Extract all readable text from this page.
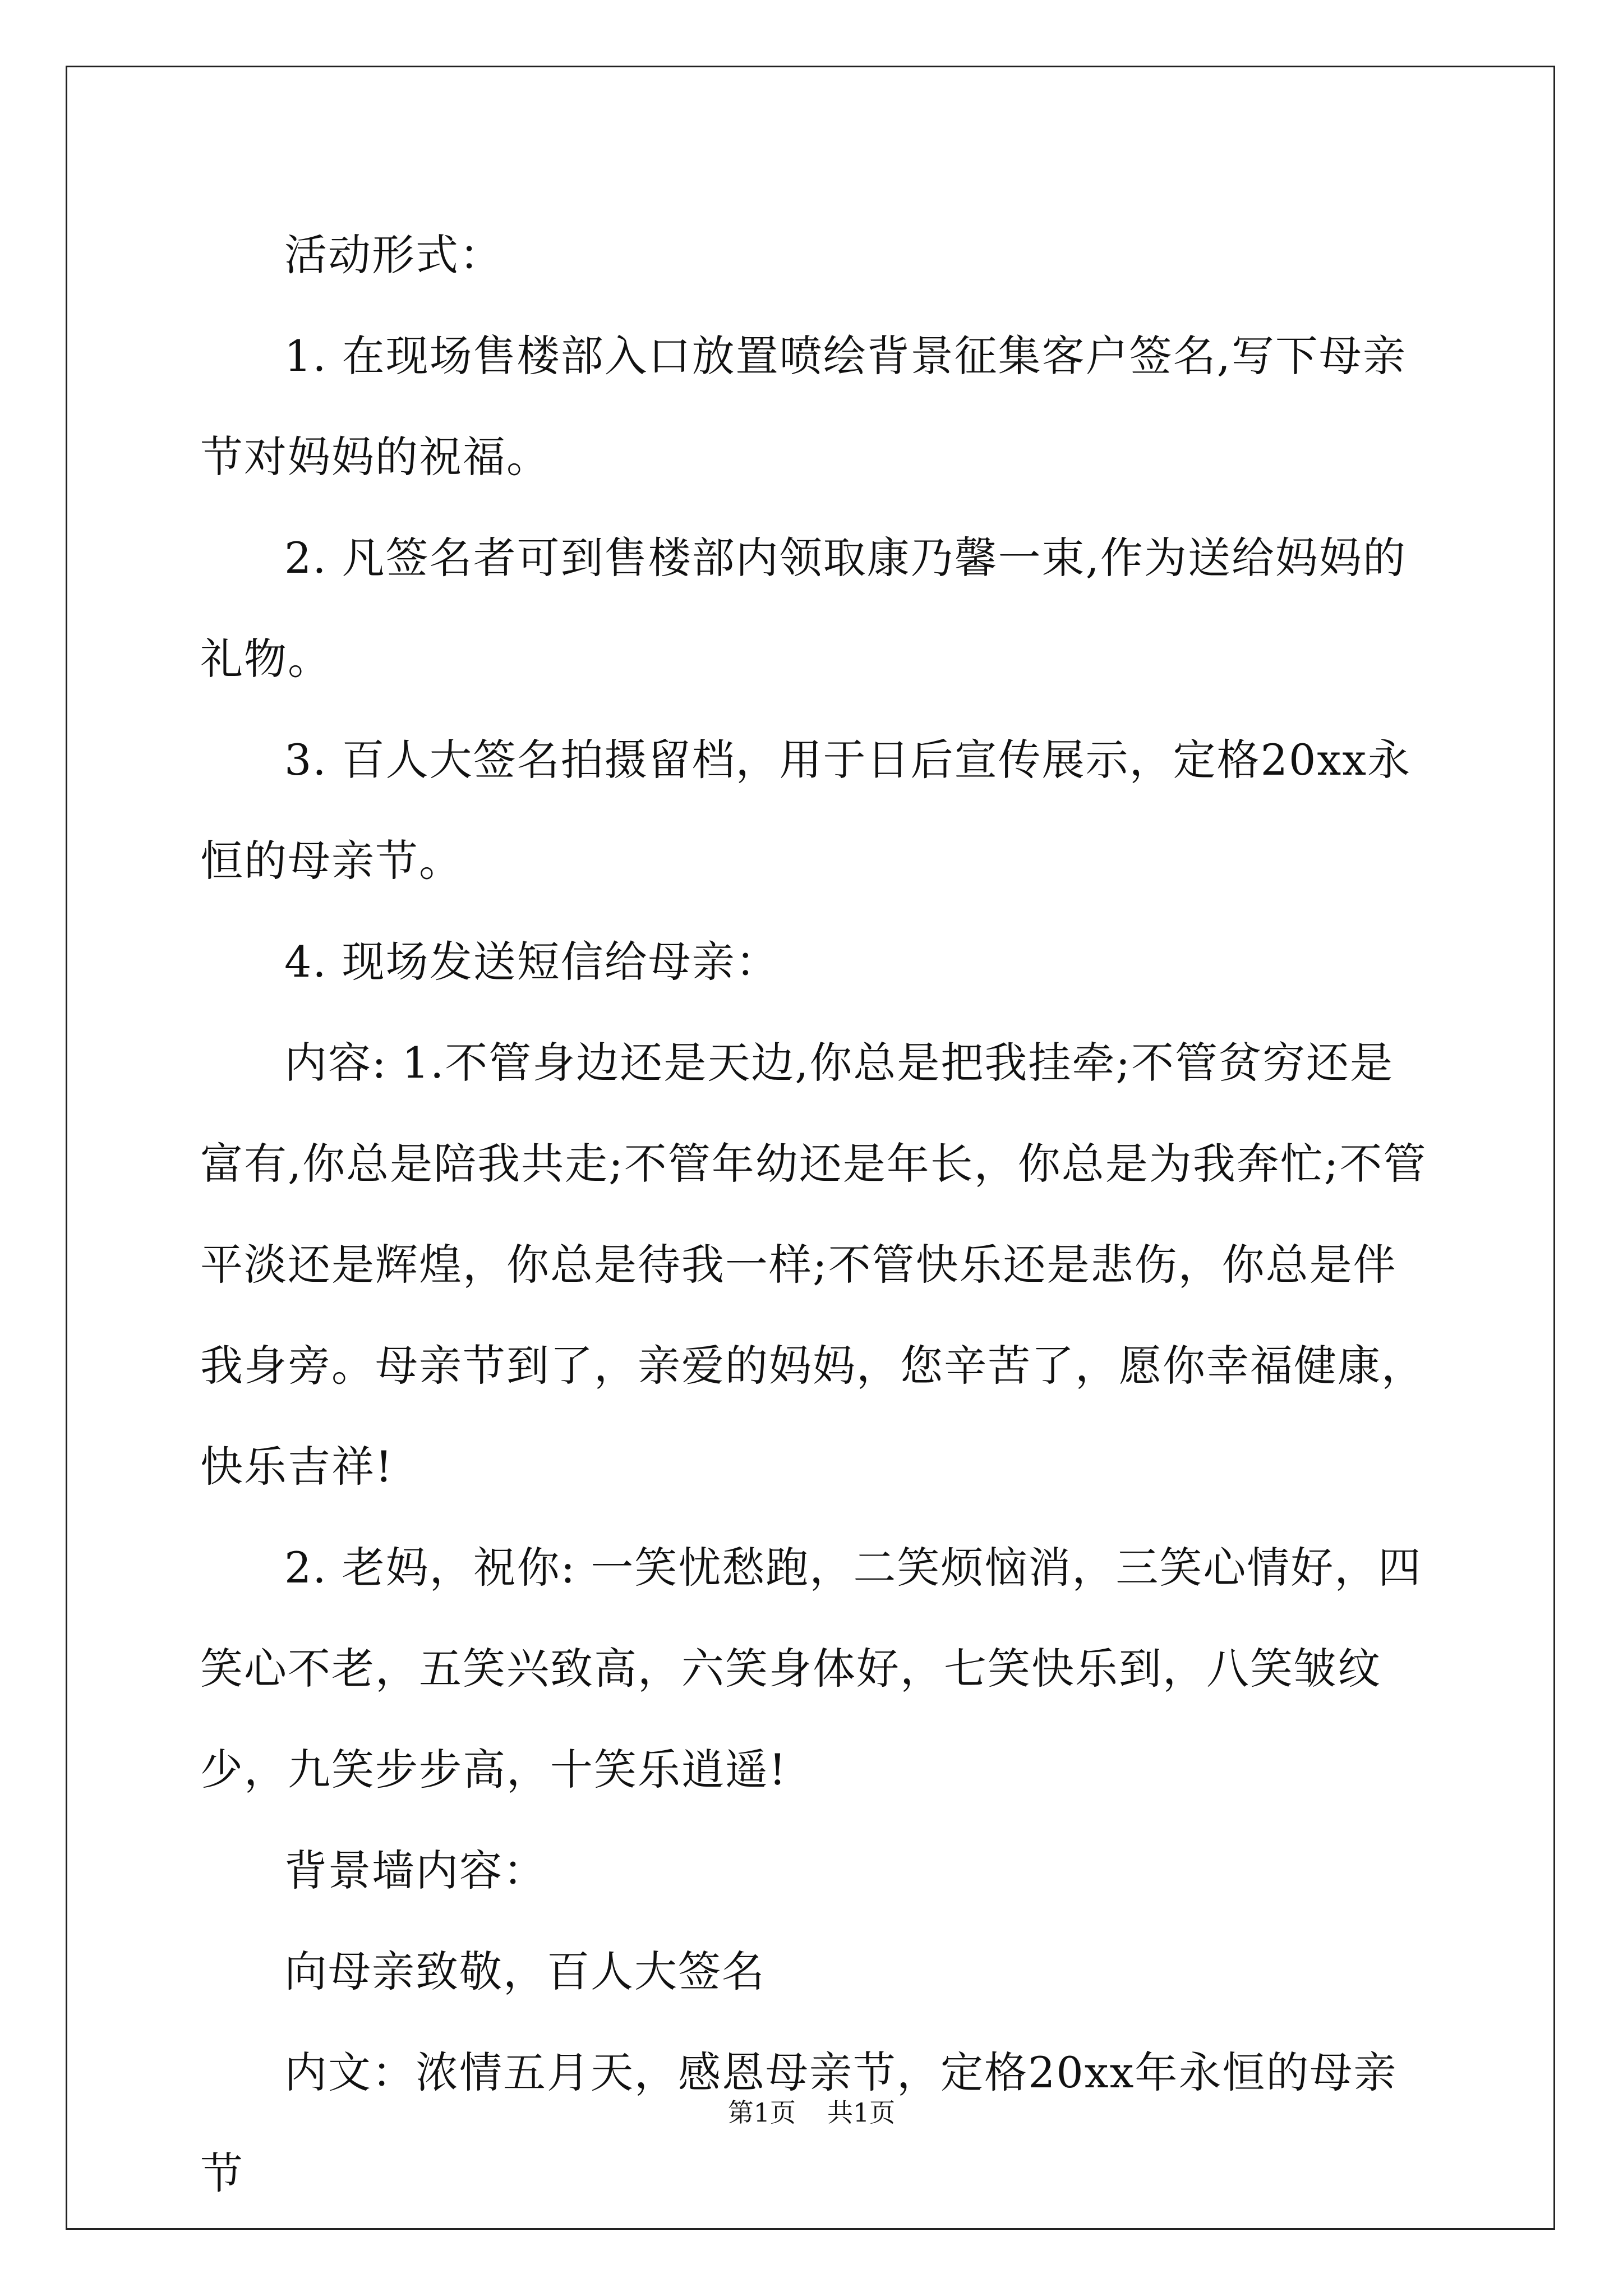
活动形式：

1. 在现场售楼部入口放置喷绘背景征集客户签名,写下母亲节对妈妈的祝福。

2. 凡签名者可到售楼部内领取康乃馨一束,作为送给妈妈的礼物。

3. 百人大签名拍摄留档，用于日后宣传展示，定格20xx永恒的母亲节。

4. 现场发送短信给母亲：

内容: 1.不管身边还是天边,你总是把我挂牵;不管贫穷还是富有,你总是陪我共走;不管年幼还是年长，你总是为我奔忙;不管平淡还是辉煌，你总是待我一样;不管快乐还是悲伤，你总是伴我身旁。母亲节到了，亲爱的妈妈，您辛苦了，愿你幸福健康，快乐吉祥!

2. 老妈，祝你: 一笑忧愁跑，二笑烦恼消，三笑心情好，四笑心不老，五笑兴致高，六笑身体好，七笑快乐到，八笑皱纹少，九笑步步高，十笑乐逍遥!

背景墙内容：

向母亲致敬，百人大签名

内文：浓情五月天，感恩母亲节，定格20xx年永恒的母亲节

第1页 共1页
